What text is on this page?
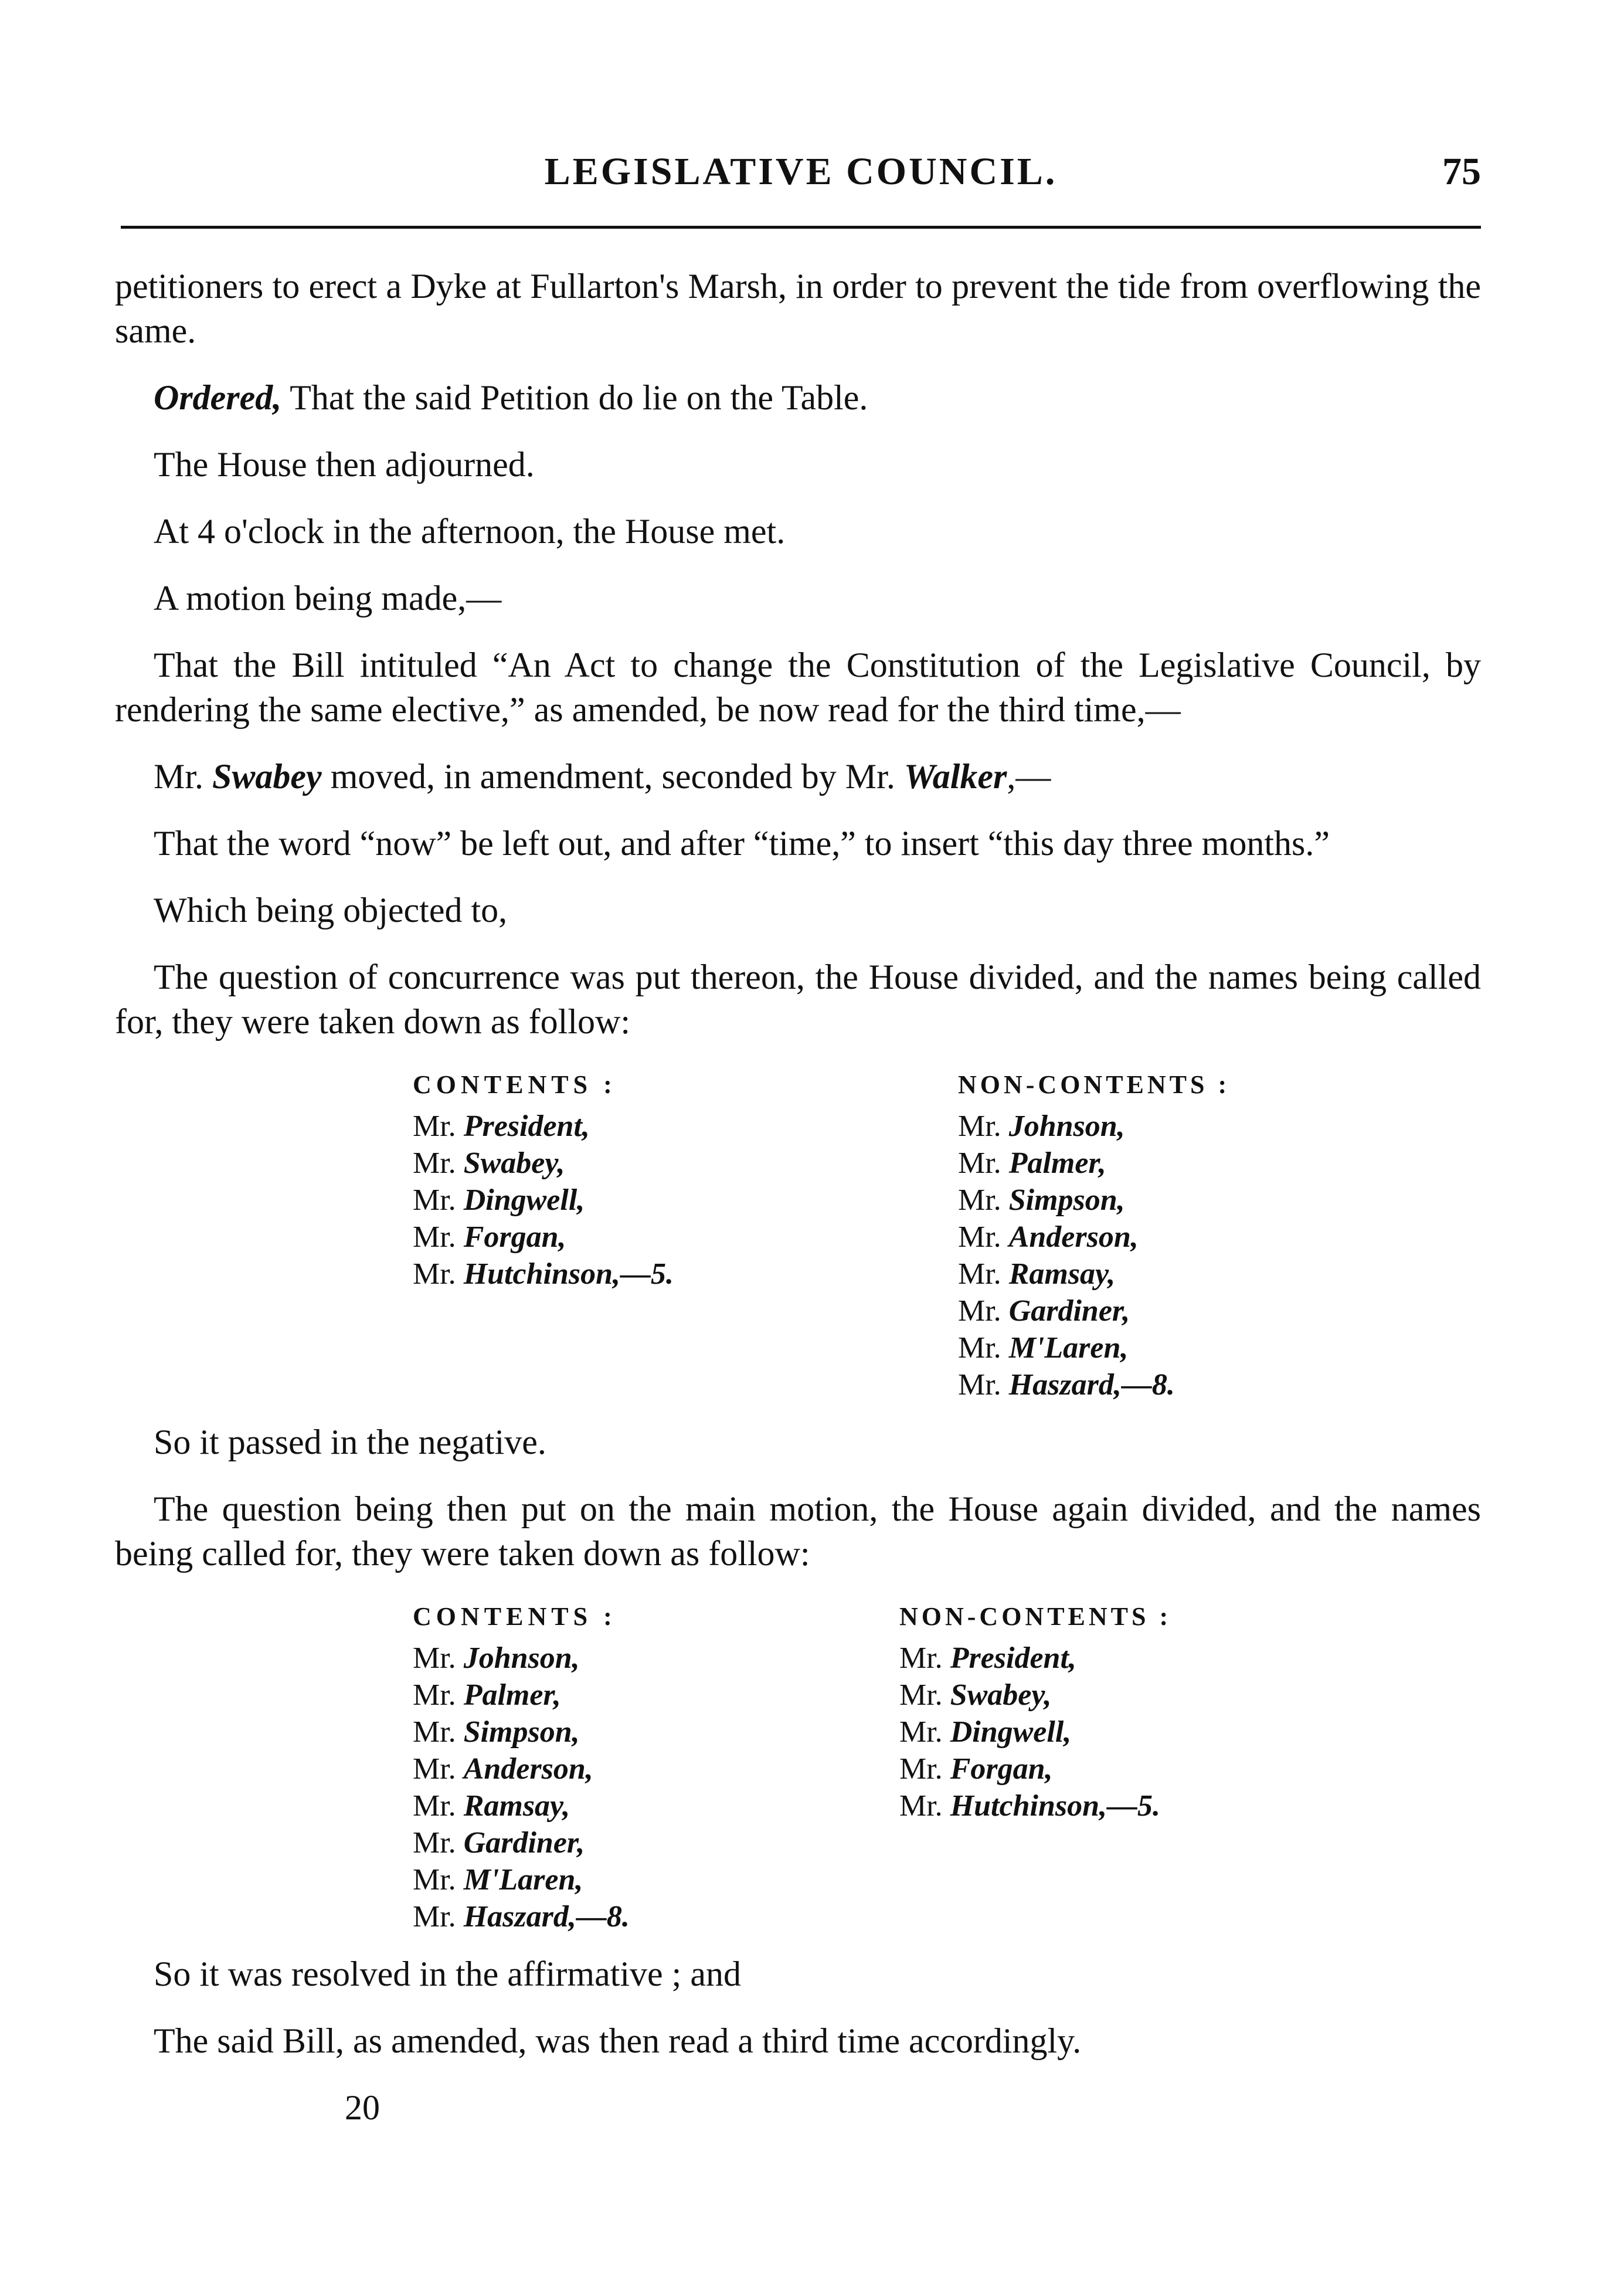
LEGISLATIVE COUNCIL.	75

petitioners to erect a Dyke at Fullarton's Marsh, in order to prevent the tide from overflowing the same.

Ordered, That the said Petition do lie on the Table.

The House then adjourned.

At 4 o'clock in the afternoon, the House met.

A motion being made,—

That the Bill intituled “An Act to change the Constitution of the Legislative Council, by rendering the same elective,” as amended, be now read for the third time,—

Mr. Swabey moved, in amendment, seconded by Mr. Walker,—

That the word “now” be left out, and after “time,” to insert “this day three months.”

Which being objected to,

The question of concurrence was put thereon, the House divided, and the names being called for, they were taken down as follow:

CONTENTS :
Mr. President,
Mr. Swabey,
Mr. Dingwell,
Mr. Forgan,
Mr. Hutchinson,—5.
NON-CONTENTS :
Mr. Johnson,
Mr. Palmer,
Mr. Simpson,
Mr. Anderson,
Mr. Ramsay,
Mr. Gardiner,
Mr. M'Laren,
Mr. Haszard,—8.

So it passed in the negative.

The question being then put on the main motion, the House again divided, and the names being called for, they were taken down as follow:

CONTENTS :
Mr. Johnson,
Mr. Palmer,
Mr. Simpson,
Mr. Anderson,
Mr. Ramsay,
Mr. Gardiner,
Mr. M'Laren,
Mr. Haszard,—8.
NON-CONTENTS :
Mr. President,
Mr. Swabey,
Mr. Dingwell,
Mr. Forgan,
Mr. Hutchinson,—5.

So it was resolved in the affirmative ; and

The said Bill, as amended, was then read a third time accordingly.

20
